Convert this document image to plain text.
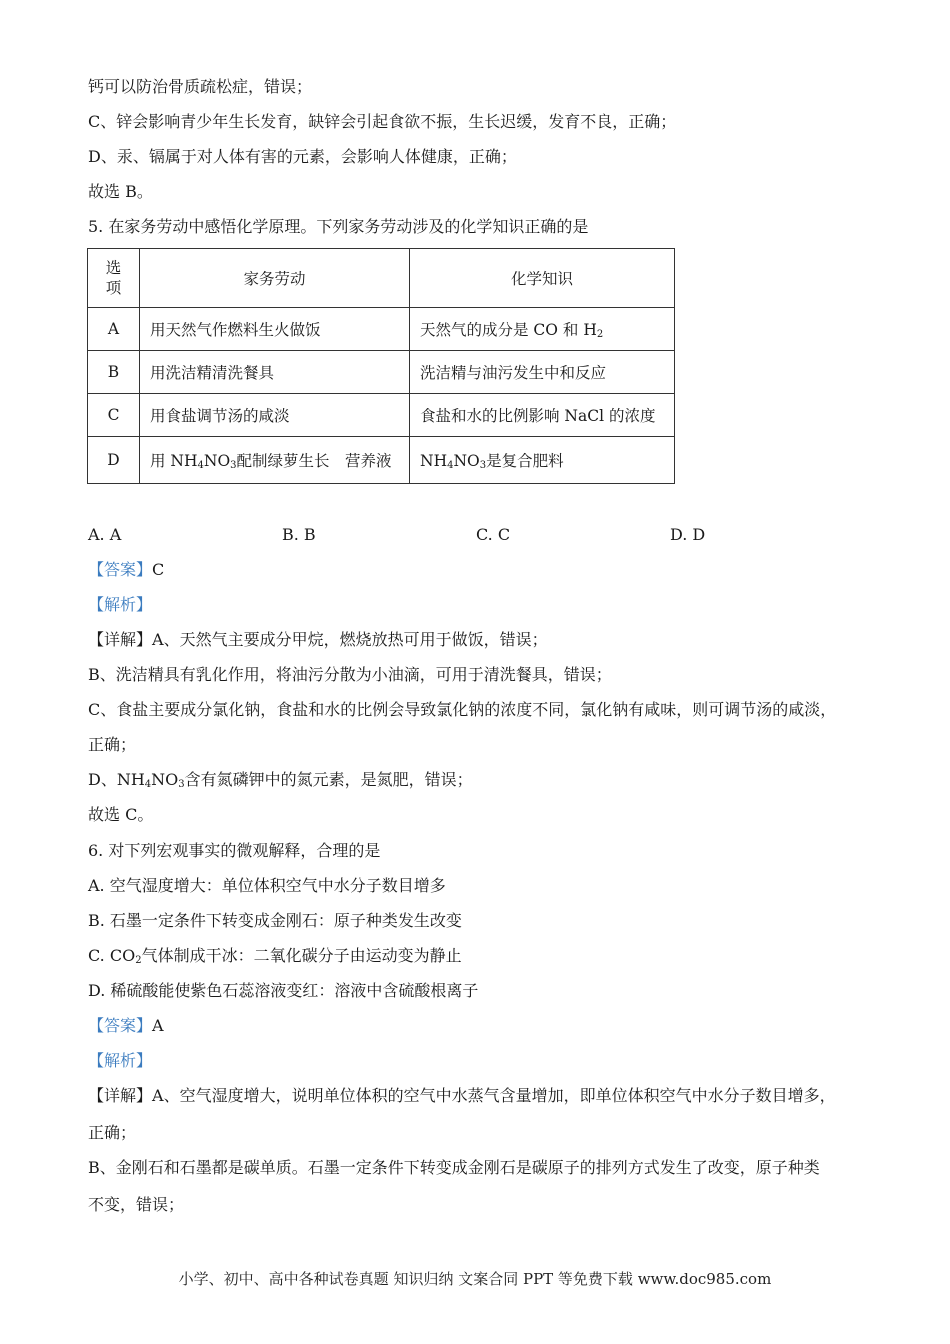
钙可以防治骨质疏松症，错误；
C、锌会影响青少年生长发育，缺锌会引起食欲不振，生长迟缓，发育不良，正确；
D、汞、镉属于对人体有害的元素，会影响人体健康，正确；
故选 B。
5. 在家务劳动中感悟化学原理。下列家务劳动涉及的化学知识正确的是
选
项	家务劳动	化学知识
A	用天然气作燃料生火做饭	天然气的成分是 CO 和 $H_2$
B	用洗洁精清洗餐具	洗洁精与油污发生中和反应
C	用食盐调节汤的咸淡	食盐和水的比例影响 NaCl 的浓度
D	用 $NH_4NO_3$配制绿萝生长　营养液	$NH_4NO_3$是复合肥料
A. A	B. B	C. C	D. D
【答案】C
【解析】
【详解】A、天然气主要成分甲烷，燃烧放热可用于做饭，错误；
B、洗洁精具有乳化作用，将油污分散为小油滴，可用于清洗餐具，错误；
C、食盐主要成分氯化钠，食盐和水的比例会导致氯化钠的浓度不同，氯化钠有咸味，则可调节汤的咸淡，
正确；
D、$NH_4NO_3$含有氮磷钾中的氮元素，是氮肥，错误；
故选 C。
6. 对下列宏观事实的微观解释，合理的是
A. 空气湿度增大：单位体积空气中水分子数目增多
B. 石墨一定条件下转变成金刚石：原子种类发生改变
C. $CO_2$气体制成干冰：二氧化碳分子由运动变为静止
D. 稀硫酸能使紫色石蕊溶液变红：溶液中含硫酸根离子
【答案】A
【解析】
【详解】A、空气湿度增大，说明单位体积的空气中水蒸气含量增加，即单位体积空气中水分子数目增多，
正确；
B、金刚石和石墨都是碳单质。石墨一定条件下转变成金刚石是碳原子的排列方式发生了改变，原子种类
不变，错误；
小学、初中、高中各种试卷真题 知识归纳 文案合同 PPT 等免费下载 www.doc985.com
